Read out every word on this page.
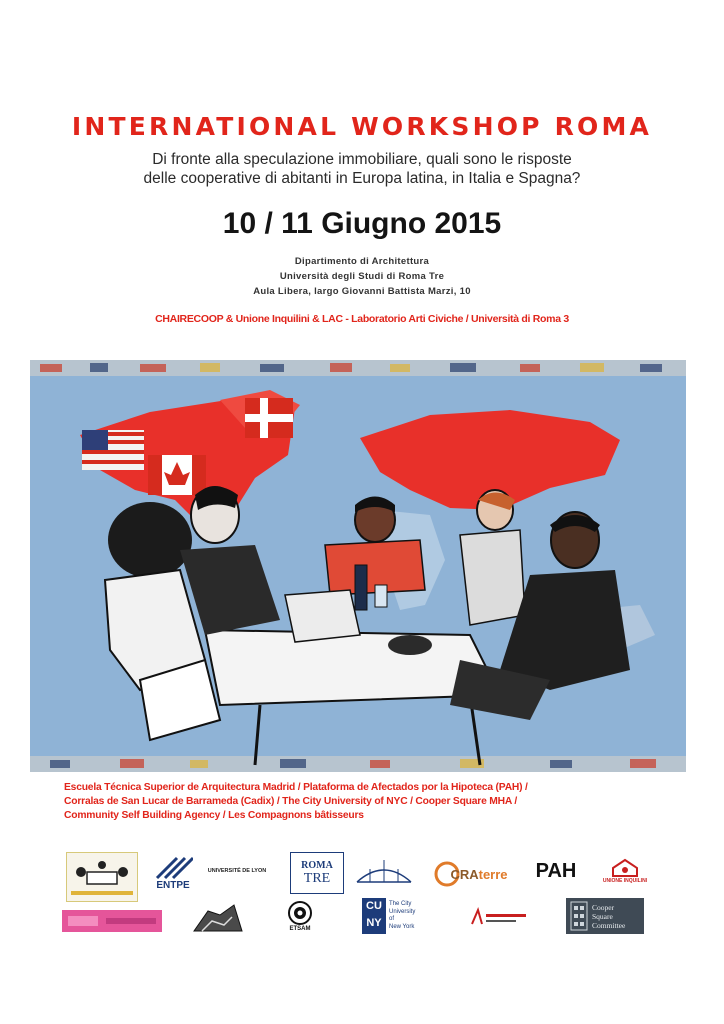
INTERNATIONAL WORKSHOP ROMA
Di fronte alla speculazione immobiliare, quali sono le risposte
delle cooperative di abitanti in Europa latina, in Italia e Spagna?
10 / 11 Giugno 2015
Dipartimento di Architettura
Università degli Studi di Roma Tre
Aula Libera, largo Giovanni Battista Marzi, 10
CHAIRECOOP & Unione Inquilini & LAC - Laboratorio Arti Civiche / Università di Roma 3
Escuela Técnica Superior de Arquitectura Madrid / Plataforma de Afectados por la Hipoteca (PAH) /
Corralas de San Lucar de Barrameda (Cadix) / The City University of NYC / Cooper Square MHA /
Community Self Building Agency / Les Compagnons bâtisseurs
ENTPE
UNIVERSITÉ DE LYON
ROMA
TRE	CRA terre PAH	UNIONE INQUILINI
ETSAM
CU
NY
The City
University
of
New York
Cooper
Square
Committee
